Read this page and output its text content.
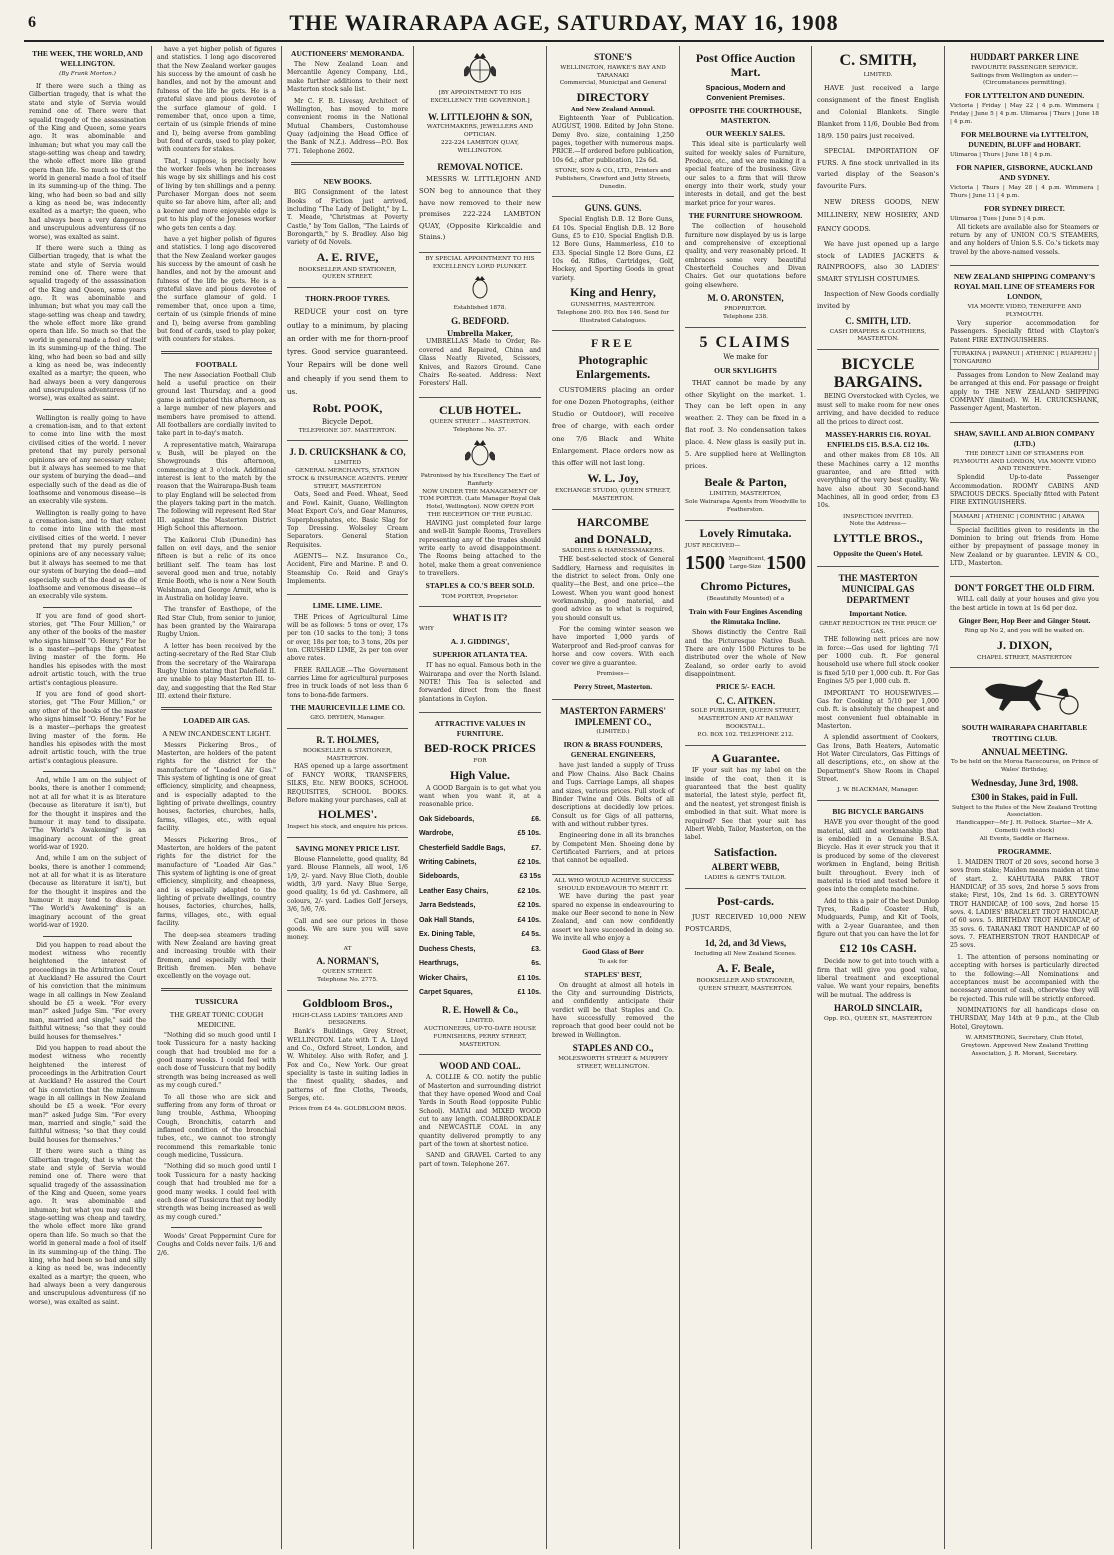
6	THE WAIRARAPA AGE, SATURDAY, MAY 16, 1908
THE WEEK, THE WORLD, AND WELLINGTON.
(By Frank Morton.)

If there were such a thing as Gilbertian tragedy, that is what the state and style of Servia would remind one of. There were that squalid tragedy of the assassination of the King and Queen, some years ago. It was abominable and inhuman; but what you may call the stage-setting was cheap and tawdry, the whole effect more like grand opera than life. So much so that the world in general made a fool of itself in its summing-up of the thing. The king, who had been so bad and silly a king as need be, was indecently exalted as a martyr; the queen, who had always been a very dangerous and unscrupulous adventuress (if no worse), was exalted as saint.

If there were such a thing as Gilbertian tragedy, that is what the state and style of Servia would remind one of. There were that squalid tragedy of the assassination of the King and Queen, some years ago. It was abominable and inhuman; but what you may call the stage-setting was cheap and tawdry, the whole effect more like grand opera than life. So much so that the world in general made a fool of itself in its summing-up of the thing. The king, who had been so bad and silly a king as need be, was indecently exalted as a martyr; the queen, who had always been a very dangerous and unscrupulous adventuress (if no worse), was exalted as saint.

Wellington is really going to have a cremation-ism, and to that extent to come into line with the most civilised cities of the world. I never pretend that my purely personal opinions are of any necessary value; but it always has seemed to me that our system of burying the dead—and especially such of the dead as die of loathsome and venomous disease—is an execrably vile system.

Wellington is really going to have a cremation-ism, and to that extent to come into line with the most civilised cities of the world. I never pretend that my purely personal opinions are of any necessary value; but it always has seemed to me that our system of burying the dead—and especially such of the dead as die of loathsome and venomous disease—is an execrably vile system.

If you are fond of good short-stories, get "The Four Million," or any other of the books of the master who signs himself "O. Henry." For he is a master—perhaps the greatest living master of the form. He handles his episodes with the most adroit artistic touch, with the true artist's contagious pleasure.

If you are fond of good short-stories, get "The Four Million," or any other of the books of the master who signs himself "O. Henry." For he is a master—perhaps the greatest living master of the form. He handles his episodes with the most adroit artistic touch, with the true artist's contagious pleasure.

And, while I am on the subject of books, there is another I commend; not at all for what it is as literature (because as literature it isn't), but for the thought it inspires and the humour it may tend to dissipate. "The World's Awakening" is an imaginary account of the great world-war of 1920.

And, while I am on the subject of books, there is another I commend; not at all for what it is as literature (because as literature it isn't), but for the thought it inspires and the humour it may tend to dissipate. "The World's Awakening" is an imaginary account of the great world-war of 1920.

Did you happen to read about the modest witness who recently heightened the interest of proceedings in the Arbitration Court at Auckland? He assured the Court of his conviction that the minimum wage in all callings in New Zealand should be £5 a week. "For every man?" asked Judge Sim. "For every man, married and single," said the faithful witness; "so that they could build houses for themselves."

Did you happen to read about the modest witness who recently heightened the interest of proceedings in the Arbitration Court at Auckland? He assured the Court of his conviction that the minimum wage in all callings in New Zealand should be £5 a week. "For every man?" asked Judge Sim. "For every man, married and single," said the faithful witness; "so that they could build houses for themselves."

If there were such a thing as Gilbertian tragedy, that is what the state and style of Servia would remind one of. There were that squalid tragedy of the assassination of the King and Queen, some years ago. It was abominable and inhuman; but what you may call the stage-setting was cheap and tawdry, the whole effect more like grand opera than life. So much so that the world in general made a fool of itself in its summing-up of the thing. The king, who had been so bad and silly a king as need be, was indecently exalted as a martyr; the queen, who had always been a very dangerous and unscrupulous adventuress (if no worse), was exalted as saint.

have a yet higher polish of figures and statistics. I long ago discovered that the New Zealand worker gauges his success by the amount of cash he handles, and not by the amount and fulness of the life he gets. He is a grateful slave and pious devotee of the surface glamour of gold. I remember that, once upon a time, certain of us (simple friends of mine and I), being averse from gambling but fond of cards, used to play poker, with counters for stakes.

That, I suppose, is precisely how the worker feels when he increases his wage by six shillings and his cost of living by ten shillings and a penny. Purchaser Morgan does not seem quite so far above him, after all; and a keener and more enjoyable edge is put to his play of the Joneses worker who gets ten cents a day.

have a yet higher polish of figures and statistics. I long ago discovered that the New Zealand worker gauges his success by the amount of cash he handles, and not by the amount and fulness of the life he gets. He is a grateful slave and pious devotee of the surface glamour of gold. I remember that, once upon a time, certain of us (simple friends of mine and I), being averse from gambling but fond of cards, used to play poker, with counters for stakes.

FOOTBALL

The new Association Football Club held a useful practice on their ground last Thursday, and a good game is anticipated this afternoon, as a large number of new players and members have promised to attend. All footballers are cordially invited to take part in to-day's match.

A representative match, Wairarapa v. Bush, will be played on the Showgrounds this afternoon, commencing at 3 o'clock. Additional interest is lent to the match by the reason that the Wairarapa-Bush team to play England will be selected from the players taking part in the match. The following will represent Red Star III. against the Masterton District High School this afternoon.

The Kaikorai Club (Dunedin) has fallen on evil days, and the senior fifteen is but a relic of its once brilliant self. The team has lost several good men and true, notably Ernie Booth, who is now a New South Welshman, and George Armit, who is in Australia on holiday leave.

The transfer of Easthope, of the Red Star Club, from senior to junior, has been granted by the Wairarapa Rugby Union.

A letter has been received by the acting-secretary of the Red Star Club from the secretary of the Wairarapa Rugby Union stating that Dalefield II. are unable to play Masterton III. to-day, and suggesting that the Red Star III. extend their fixture.

LOADED AIR GAS.
A NEW INCANDESCENT LIGHT.

Messrs Pickering Bros., of Masterton, are holders of the patent rights for the district for the manufacture of "Loaded Air Gas." This system of lighting is one of great efficiency, simplicity, and cheapness, and is especially adapted to the lighting of private dwellings, country houses, factories, churches, halls, farms, villages, etc., with equal facility.

Messrs Pickering Bros., of Masterton, are holders of the patent rights for the district for the manufacture of "Loaded Air Gas." This system of lighting is one of great efficiency, simplicity, and cheapness, and is especially adapted to the lighting of private dwellings, country houses, factories, churches, halls, farms, villages, etc., with equal facility.

The deep-sea steamers trading with New Zealand are having great and increasing trouble with their firemen, and especially with their British firemen. Men behave excellently on the voyage out.

TUSSICURA
THE GREAT TONIC COUGH MEDICINE.

"Nothing did so much good until I took Tussicura for a nasty hacking cough that had troubled me for a good many weeks. I could feel with each dose of Tussicura that my bodily strength was being increased as well as my cough cured."

To all those who are sick and suffering from any form of throat or lung trouble, Asthma, Whooping Cough, Bronchitis, catarrh and inflamed condition of the bronchial tubes, etc., we cannot too strongly recommend this remarkable tonic cough medicine, Tussicura.

"Nothing did so much good until I took Tussicura for a nasty hacking cough that had troubled me for a good many weeks. I could feel with each dose of Tussicura that my bodily strength was being increased as well as my cough cured."

Woods' Great Peppermint Cure for Coughs and Colds never fails. 1/6 and 2/6.

AUCTIONEERS' MEMORANDA.

The New Zealand Loan and Mercantile Agency Company, Ltd., make further additions to their next Masterton stock sale list.

Mr C. F. B. Livesay, Architect of Wellington, has moved to more convenient rooms in the National Mutual Chambers, Customhouse Quay (adjoining the Head Office of the Bank of N.Z.). Address—P.O. Box 771. Telephone 2602.

NEW BOOKS.

BIG Consignment of the latest Books of Fiction just arrived, including "The Lady of Delight," by L. T. Meade, "Christmas at Poverty Castle," by Tom Gallon, "The Lairds of Borongarth," by S. Bradley. Also big variety of 6d Novels.

A. E. RIVE,
BOOKSELLER AND STATIONER, QUEEN STREET.
THORN-PROOF TYRES.

REDUCE your cost on tyre outlay to a minimum, by placing an order with me for thorn-proof tyres. Good service guaranteed. Your Repairs will be done well and cheaply if you send them to us.

Robt. POOK,
Bicycle Depot.
TELEPHONE 307. MASTERTON.
J. D. CRUICKSHANK & CO,
LIMITED
GENERAL MERCHANTS, STATION STOCK & INSURANCE AGENTS. PERRY STREET, MASTERTON

Oats, Seed and Feed. Wheat, Seed and Fowl. Kainit, Guano, Wellington Meat Export Co's, and Gear Manures, Superphosphates, etc. Basic Slag for Top Dressing. Wolseley Cream Separators. General Station Requisites.

AGENTS— N.Z. Insurance Co., Accident, Fire and Marine. P. and O. Steamship Co. Reid and Gray's Implements.

LIME. LIME. LIME.

THE Prices of Agricultural Lime will be as follows: 5 tons or over, 17s per ton (10 sacks to the ton); 3 tons or over, 18s per ton; to 3 tons, 20s per ton. CRUSHED LIME, 2s per ton over above rates.

FREE RAILAGE.—The Government carries Lime for agricultural purposes free in truck loads of not less than 6 tons to bona-fide farmers.

THE MAURICEVILLE LIME CO.
GEO. DRYDEN, Manager.
R. T. HOLMES,
BOOKSELLER & STATIONER, MASTERTON.

HAS opened up a large assortment of FANCY WORK, TRANSFERS, SILKS, Etc. NEW BOOKS, SCHOOL REQUISITES, SCHOOL BOOKS. Before making your purchases, call at

HOLMES'.
Inspect his stock, and enquire his prices.
SAVING MONEY PRICE LIST.

Blouse Flannelette, good quality, 8d yard. Blouse Flannels, all wool, 1/6 1/9, 2/- yard. Navy Blue Cloth, double width, 3/9 yard. Navy Blue Serge, good quality, 1s 6d yd. Cashmere, all colours, 2/- yard. Ladies Golf Jerseys, 3/6, 5/6, 7/6.

Call and see our prices in those goods. We are sure you will save money.

AT
A. NORMAN'S,
QUEEN STREET.
Telephone No. 2775.
Goldbloom Bros.,
HIGH-CLASS LADIES' TAILORS AND DESIGNERS.

Bank's Buildings, Grey Street, WELLINGTON. Late with T. A. Lloyd and Co., Oxford Street, London, and W. Whiteley. Also with Rofer, and J. Fox and Co., New York. Our great speciality is taste in suiting ladies in the finest quality, shades, and patterns of fine Cloths, Tweeds, Serges, etc.

Prices from £4 4s. GOLDBLOOM BROS.
[BY APPOINTMENT TO HIS EXCELLENCY THE GOVERNOR.]
W. LITTLEJOHN & SON,
WATCHMAKERS, JEWELLERS AND OPTICIAN.
222-224 LAMBTON QUAY, WELLINGTON.
REMOVAL NOTICE.

MESSRS W. LITTLEJOHN AND SON beg to announce that they have now removed to their new premises 222-224 LAMBTON QUAY, (Opposite Kirkcaldie and Stains.)

BY SPECIAL APPOINTMENT TO HIS EXCELLENCY LORD PLUNKET.
Established 1878.
G. BEDFORD.
Umbrella Maker,

UMBRELLAS Made to Order, Re-covered and Repaired, China and Glass Neatly Riveted, Scissors, Knives, and Razors Ground. Cane Chairs Re-seated. Address: Next Foresters' Hall.

CLUB HOTEL.
QUEEN STREET ... MASTERTON. Telephone No. 37.
Patronised by his Excellency The Earl of Ranfurly
NOW UNDER THE MANAGEMENT OF TOM PORTER. (Late Manager Royal Oak Hotel, Wellington). NOW OPEN FOR THE RECEPTION OF THE PUBLIC.

HAVING just completed four large and well-lit Sample Rooms, Travellers representing any of the trades should write early to avoid disappointment. The Rooms being attached to the hotel, make them a great convenience to travellers.

STAPLES & CO.'S BEER SOLD.
TOM PORTER, Proprietor.
WHAT IS IT?
WHY
A. J. GIDDINGS',
SUPERIOR ATLANTA TEA.

IT has no equal. Famous both in the Wairarapa and over the North Island. NOTE! This Tea is selected and forwarded direct from the finest plantations in Ceylon.

ATTRACTIVE VALUES IN FURNITURE.
BED-ROCK PRICES
FOR
High Value.

A GOOD Bargain is to get what you want when you want it, at a reasonable price.

Oak Sideboards,	£6.
Wardrobe,	£5 10s.
Chesterfield Saddle Bags,	£7.
Writing Cabinets,	£2 10s.
Sideboards,	£3 15s
Leather Easy Chairs,	£2 10s.
Jarra Bedsteads,	£2 10s.
Oak Hall Stands,	£4 10s.
Ex. Dining Table,	£4 5s.
Duchess Chests,	£3.
Hearthrugs,	6s.
Wicker Chairs,	£1 10s.
Carpet Squares,	£1 10s.
R. E. Howell & Co.,
LIMITED.
AUCTIONEERS, UP-TO-DATE HOUSE FURNISHERS, PERRY STREET, MASTERTON.
WOOD AND COAL.

A. COLLIE & CO. notify the public of Masterton and surrounding district that they have opened Wood and Coal Yards in South Road (opposite Public School). MATAI and MIXED WOOD cut to any length. COALBROOKDALE and NEWCASTLE COAL in any quantity delivered promptly to any part of the town at shortest notice.

SAND and GRAVEL Carted to any part of town. Telephone 267.

STONE'S
WELLINGTON, HAWKE'S BAY AND TARANAKI
Commercial, Municipal and General
DIRECTORY
And New Zealand Annual.

Eighteenth Year of Publication. AUGUST, 1908. Edited by John Stone. Demy 8vo. size, containing 1,250 pages, together with numerous maps. PRICE.—If ordered before publication, 10s 6d.; after publication, 12s 6d.

STONE, SON & CO., LTD., Printers and Publishers, Crawford and Jetty Streets, Dunedin.
GUNS. GUNS.

Special English D.B. 12 Bore Guns, £4 10s. Special English D.B. 12 Bore Guns, £5 to £10. Special English D.B. 12 Bore Guns, Hammerless, £10 to £33. Special Single 12 Bore Guns, £2 10s 6d. Rifles, Cartridges, Golf, Hockey, and Sporting Goods in great variety.

King and Henry,
GUNSMITHS, MASTERTON.
Telephone 260. P.O. Box 146. Send for Illustrated Catalogues.
FREE
Photographic Enlargements.

CUSTOMERS placing an order for one Dozen Photographs, (either Studio or Outdoor), will receive free of charge, with each order one 7/6 Black and White Enlargement. Place orders now as this offer will not last long.

W. L. Joy,
EXCHANGE STUDIO, QUEEN STREET, MASTERTON.
HARCOMBE
and DONALD,
SADDLERS & HARNESSMAKERS.

THE best-selected stock of General Saddlery, Harness and requisites in the district to select from. Only one quality—the Best, and one price—the Lowest. When you want good honest workmanship, good material, and good advice as to what is required, you should consult us.

For the coming winter season we have imported 1,000 yards of Waterproof and Red-proof canvas for horse and cow covers. With each cover we give a guarantee.

Premises—
Perry Street, Masterton.
MASTERTON FARMERS' IMPLEMENT CO.,
(LIMITED.)
IRON & BRASS FOUNDERS, GENERAL ENGINEERS,

have just landed a supply of Truss and Plow Chains. Also Back Chains and Tugs. Carriage Lamps, all shapes and sizes, various prices. Full stock of Binder Twine and Oils. Bolts of all descriptions at decidedly low prices. Consult us for Gigs of all patterns, with and without rubber tyres.

Engineering done in all its branches by Competent Men. Shoeing done by Certificated Farriers, and at prices that cannot be equalled.

ALL WHO WOULD ACHIEVE SUCCESS SHOULD ENDEAVOUR TO MERIT IT.

WE have during the past year spared no expense in endeavouring to make our Beer second to none in New Zealand, and can now confidently assert we have succeeded in doing so. We invite all who enjoy a

Good Glass of Beer
To ask for
STAPLES' BEST,

On draught at almost all hotels in the City and surrounding Districts, and confidently anticipate their verdict will be that Staples and Co. have successfully removed the reproach that good beer could not be brewed in Wellington.

STAPLES AND CO.,
MOLESWORTH STREET & MURPHY STREET, WELLINGTON.
Post Office Auction Mart.
Spacious, Modern and Convenient Premises.
OPPOSITE THE COURTHOUSE, MASTERTON.
OUR WEEKLY SALES.

This ideal site is particularly well suited for weekly sales of Furniture, Produce, etc., and we are making it a special feature of the business. Give our sales to a firm that will throw energy into their work, study your interests in detail, and get the best market price for your wares.

THE FURNITURE SHOWROOM.

The collection of household furniture now displayed by us is large and comprehensive of exceptional quality, and very reasonably priced. It embraces some very beautiful Chesterfield Couches and Divan Chairs. Get our quotations before going elsewhere.

M. O. ARONSTEN,
PROPRIETOR.
Telephone 238.
5 CLAIMS
We make for
OUR SKYLIGHTS

THAT cannot be made by any other Skylight on the market. 1. They can be left open in any weather. 2. They can be fixed in a flat roof. 3. No condensation takes place. 4. New glass is easily put in. 5. Are supplied here at Wellington prices.

Beale & Parton,
LIMITED, MASTERTON,
Sole Wairarapa Agents from Woodville to Featherston.
Lovely Rimutaka.
JUST RECEIVED—
1500 Magnificent, Large-Size 1500
Chromo Pictures,
(Beautifully Mounted) of a
Train with Four Engines Ascending the Rimutaka Incline.

Shows distinctly the Centre Rail and the Picturesque Native Bush. There are only 1500 Pictures to be distributed over the whole of New Zealand, so order early to avoid disappointment.

PRICE 5/- EACH.
C. C. AITKEN.
SOLE PUBLISHER, QUEEN STREET, MASTERTON AND AT RAILWAY BOOKSTALL.
P.O. BOX 102. TELEPHONE 212.
A Guarantee.

IF your suit has my label on the inside of the coat, then it is guaranteed that the best quality material, the latest style, perfect fit, and the neatest, yet strongest finish is embodied in that suit. What more is required? See that your suit has Albert Webb, Tailor, Masterton, on the label.

Satisfaction.
ALBERT WEBB,
LADIES & GENT'S TAILOR.
Post-cards.

JUST RECEIVED 10,000 NEW POSTCARDS,

1d, 2d, and 3d Views,
Including all New Zealand Scenes.
A. F. Beale,
BOOKSELLER AND STATIONER, QUEEN STREET, MASTERTON.
C. SMITH,
LIMITED.

HAVE just received a large consignment of the finest English and Colonial Blankets. Single Blanket from 11/6, Double Bed from 18/9. 150 pairs just received.

SPECIAL IMPORTATION OF FURS. A fine stock unrivalled in its varied display of the Season's favourite Furs.

NEW DRESS GOODS, NEW MILLINERY, NEW HOSIERY, AND FANCY GOODS.

We have just opened up a large stock of LADIES JACKETS & RAINPROOFS, also 30 LADIES' SMART STYLISH COSTUMES.

Inspection of New Goods cordially invited by

C. SMITH, LTD.
CASH DRAPERS & CLOTHIERS, MASTERTON.
BICYCLE BARGAINS.

BEING Overstocked with Cycles, we must sell to make room for new ones arriving, and have decided to reduce all the prices to direct cost.

MASSEY-HARRIS £16. ROYAL ENFIELDS £15. B.S.A. £12 10s.

and other makes from £8 10s. All these Machines carry a 12 months guarantee, and are fitted with everything of the very best quality. We have also about 30 Second-hand Machines, all in good order, from £3 10s.

INSPECTION INVITED.
Note the Address—
LYTTLE BROS.,
Opposite the Queen's Hotel.
THE MASTERTON MUNICIPAL GAS DEPARTMENT
Important Notice.
GREAT REDUCTION IN THE PRICE OF GAS.

THE following nett prices are now in force:—Gas used for lighting 7/1 per 1000 cub. ft. For general household use where full stock cooker is fixed 5/10 per 1,000 cub. ft. For Gas Engines 5/5 per 1,000 cub. ft.

IMPORTANT TO HOUSEWIVES.—Gas for Cooking at 5/10 per 1,000 cub. ft. is absolutely the cheapest and most convenient fuel obtainable in Masterton.

A splendid assortment of Cookers, Gas Irons, Bath Heaters, Automatic Hot Water Circulators, Gas Fittings of all descriptions, etc., on show at the Department's Show Room in Chapel Street.

J. W. BLACKMAN, Manager.
BIG BICYCLE BARGAINS

HAVE you ever thought of the good material, skill and workmanship that is embodied in a Genuine B.S.A. Bicycle. Has it ever struck you that it is produced by some of the cleverest workmen in England, being British built throughout. Every inch of material is tried and tested before it goes into the complete machine.

Add to this a pair of the best Dunlop Tyres, Radio Coaster Hub, Mudguards, Pump, and Kit of Tools, with a 2-year Guarantee, and then figure out that you can have the lot for

£12 10s CASH.

Decide now to get into touch with a firm that will give you good value, liberal treatment and exceptional value. We want your repairs, benefits will be mutual. The address is

HAROLD SINCLAIR,
Opp. P.O., QUEEN ST., MASTERTON
HUDDART PARKER LINE
FAVOURITE PASSENGER SERVICE.
Sailings from Wellington as under:—(Circumstances permitting).
FOR LYTTELTON AND DUNEDIN.
Victoria | Friday | May 22 | 4 p.m. Wimmera | Friday | June 5 | 4 p.m. Ulimaroa | Thurs | June 18 | 4 p.m.
FOR MELBOURNE via LYTTELTON, DUNEDIN, BLUFF and HOBART.
Ulimaroa | Thurs | June 18 | 4 p.m.
FOR NAPIER, GISBORNE, AUCKLAND AND SYDNEY.
Victoria | Thurs | May 28 | 4 p.m. Wimmera | Thurs | June 11 | 4 p.m.
FOR SYDNEY DIRECT.
Ulimaroa | Tues | June 5 | 4 p.m.

All tickets are available also for Steamers or return by any of UNION CO.'S STEAMERS, and any holders of Union S.S. Co.'s tickets may travel by the above-named vessels.

NEW ZEALAND SHIPPING COMPANY'S ROYAL MAIL LINE OF STEAMERS FOR LONDON,
VIA MONTE VIDEO, TENERIFFE AND PLYMOUTH.

Very superior accommodation for Passengers. Specially fitted with Clayton's Patent FIRE EXTINGUISHERS.

TURAKINA | PAPANUI | ATHENIC | RUAPEHU | TONGARIRO

Passages from London to New Zealand may be arranged at this end. For passage or freight apply to THE NEW ZEALAND SHIPPING COMPANY (limited). W. H. CRUICKSHANK, Passenger Agent, Masterton.

SHAW, SAVILL AND ALBION COMPANY (LTD.)
THE DIRECT LINE OF STEAMERS FOR PLYMOUTH AND LONDON, VIA MONTE VIDEO AND TENERIFFE.

Splendid Up-to-date Passenger Accommodation. ROOMY CABINS AND SPACIOUS DECKS. Specially fitted with Patent FIRE EXTINGUISHERS.

MAMARI | ATHENIC | CORINTHIC | ARAWA

Special facilities given to residents in the Dominion to bring out friends from Home either by prepayment of passage money in New Zealand or by guarantee. LEVIN & CO., LTD., Masterton.

DON'T FORGET THE OLD FIRM.

WILL call daily at your houses and give you the best article in town at 1s 6d per doz.

Ginger Beer, Hop Beer and Ginger Stout.
Ring up No 2, and you will be waited on.
J. DIXON,
CHAPEL STREET, MASTERTON
SOUTH WAIRARAPA CHARITABLE TROTTING CLUB.
ANNUAL MEETING.
To be held on the Moroa Racecourse, on Prince of Wales' Birthday,
Wednesday, June 3rd, 1908.
£300 in Stakes, paid in Full.
Subject to the Rules of the New Zealand Trotting Association.
Handicapper—Mr J. H. Pollock. Starter—Mr A. Cometti (with clock)
All Events, Saddle or Harness.
PROGRAMME.

1. MAIDEN TROT of 20 sovs, second horse 3 sovs from stake; Maiden means maiden at time of start. 2. KAHUTARA PARK TROT HANDICAP, of 35 sovs, 2nd horse 5 sovs from stake; First, 10s, 2nd 1s 6d. 3. GREYTOWN TROT HANDICAP, of 100 sovs, 2nd horse 15 sovs. 4. LADIES' BRACELET TROT HANDICAP, of 60 sovs. 5. BIRTHDAY TROT HANDICAP, of 35 sovs. 6. TARANAKI TROT HANDICAP of 60 sovs. 7. FEATHERSTON TROT HANDICAP of 25 sovs.

1. The attention of persons nominating or accepting with horses is particularly directed to the following:—All Nominations and acceptances must be accompanied with the necessary amount of cash, otherwise they will be rejected. This rule will be strictly enforced.

NOMINATIONS for all handicaps close on THURSDAY, May 14th at 9 p.m., at the Club Hotel, Greytown.

W. ARMSTRONG, Secretary, Club Hotel, Greytown. Approved New Zealand Trotting Association, J. R. Morant, Secretary.
